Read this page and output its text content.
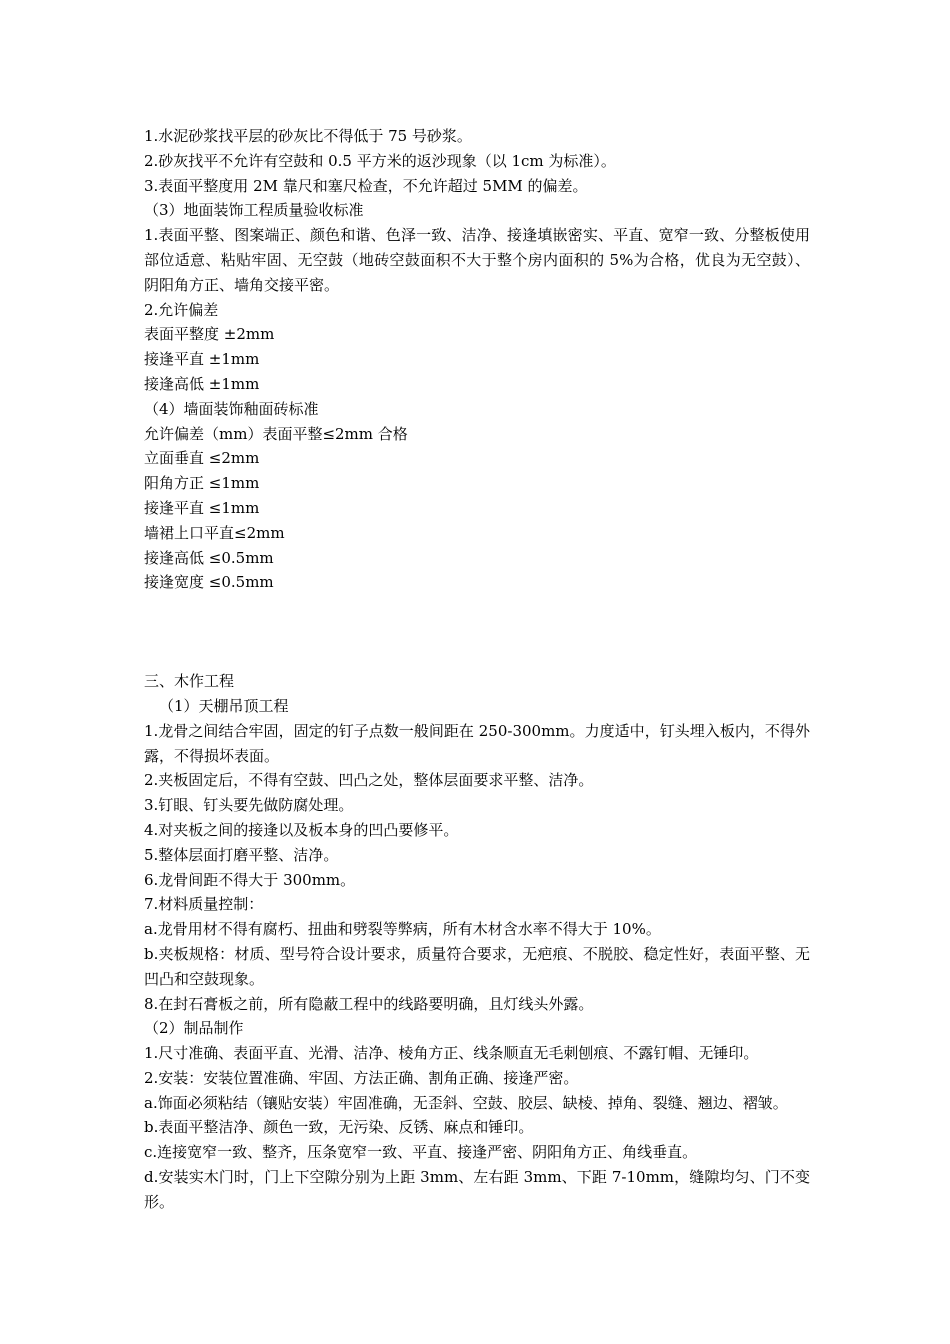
1.水泥砂浆找平层的砂灰比不得低于 75 号砂浆。

2.砂灰找平不允许有空鼓和 0.5 平方米的返沙现象（以 1cm 为标准）。

3.表面平整度用 2M 靠尺和塞尺检查，不允许超过 5MM 的偏差。

（3）地面装饰工程质量验收标准

1.表面平整、图案端正、颜色和谐、色泽一致、洁净、接逢填嵌密实、平直、宽窄一致、分整板使用部位适意、粘贴牢固、无空鼓（地砖空鼓面积不大于整个房内面积的 5%为合格，优良为无空鼓）、阴阳角方正、墙角交接平密。

2.允许偏差

表面平整度 ±2mm

接逢平直 ±1mm

接逢高低 ±1mm

（4）墙面装饰釉面砖标准

允许偏差（mm）表面平整≤2mm 合格

立面垂直 ≤2mm

阳角方正 ≤1mm

接逢平直 ≤1mm

墙裙上口平直≤2mm

接逢高低 ≤0.5mm

接逢宽度 ≤0.5mm

三、木作工程

（1）天棚吊顶工程

1.龙骨之间结合牢固，固定的钉子点数一般间距在 250-300mm。力度适中，钉头埋入板内，不得外露，不得损坏表面。

2.夹板固定后，不得有空鼓、凹凸之处，整体层面要求平整、洁净。

3.钉眼、钉头要先做防腐处理。

4.对夹板之间的接逢以及板本身的凹凸要修平。

5.整体层面打磨平整、洁净。

6.龙骨间距不得大于 300mm。

7.材料质量控制：

a.龙骨用材不得有腐朽、扭曲和劈裂等弊病，所有木材含水率不得大于 10%。

b.夹板规格：材质、型号符合设计要求，质量符合要求，无疤痕、不脱胶、稳定性好，表面平整、无凹凸和空鼓现象。

8.在封石膏板之前，所有隐蔽工程中的线路要明确，且灯线头外露。

（2）制品制作

1.尺寸准确、表面平直、光滑、洁净、棱角方正、线条顺直无毛刺刨痕、不露钉帽、无锤印。

2.安装：安装位置准确、牢固、方法正确、割角正确、接逢严密。

a.饰面必须粘结（镶贴安装）牢固准确，无歪斜、空鼓、胶层、缺棱、掉角、裂缝、翘边、褶皱。

b.表面平整洁净、颜色一致，无污染、反锈、麻点和锤印。

c.连接宽窄一致、整齐，压条宽窄一致、平直、接逢严密、阴阳角方正、角线垂直。

d.安装实木门时，门上下空隙分别为上距 3mm、左右距 3mm、下距 7-10mm，缝隙均匀、门不变形。
